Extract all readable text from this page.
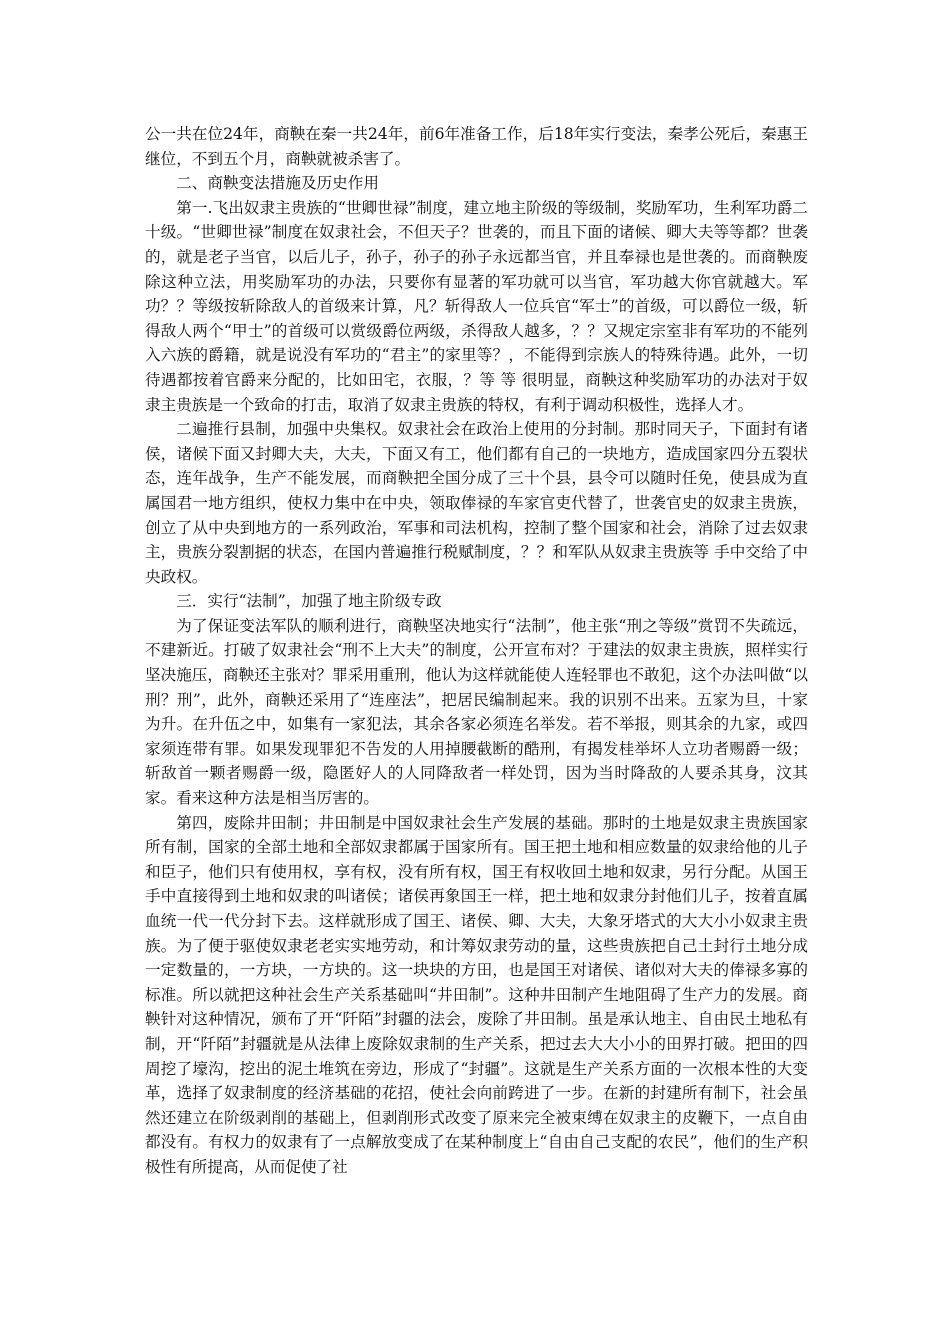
公一共在位24年，商鞅在秦一共24年，前6年准备工作，后18年实行变法，秦孝公死后，秦惠王继位，不到五个月，商鞅就被杀害了。

二、商鞅变法措施及历史作用

第一.飞出奴隶主贵族的“世卿世禄”制度，建立地主阶级的等级制，奖励军功，生利军功爵二十级。“世卿世禄”制度在奴隶社会，不但天子？世袭的，而且下面的诸候、卿大夫等等都？世袭的，就是老子当官，以后儿子，孙子，孙子的孙子永远都当官，并且奉禄也是世袭的。而商鞅废除这种立法，用奖励军功的办法，只要你有显著的军功就可以当官，军功越大你官就越大。军功？？等级按斩除敌人的首级来计算，凡？斩得敌人一位兵官“军士”的首级，可以爵位一级，斩得敌人两个“甲士”的首级可以赏级爵位两级，杀得敌人越多，？？又规定宗室非有军功的不能列入六族的爵籍，就是说没有军功的“君主”的家里等？，不能得到宗族人的特殊待遇。此外，一切待遇都按着官爵来分配的，比如田宅，衣服，？等 等 很明显，商鞅这种奖励军功的办法对于奴隶主贵族是一个致命的打击，取消了奴隶主贵族的特权，有利于调动积极性，选择人才。

二遍推行县制，加强中央集权。奴隶社会在政治上使用的分封制。那时同天子，下面封有诸侯，诸候下面又封卿大夫，大夫，下面又有工，他们都有自己的一块地方，造成国家四分五裂状态，连年战争，生产不能发展，而商鞅把全国分成了三十个县，县令可以随时任免，使县成为直属国君一地方组织，使权力集中在中央，领取俸禄的车家官吏代替了，世袭官史的奴隶主贵族，创立了从中央到地方的一系列政治，军事和司法机构，控制了整个国家和社会，消除了过去奴隶主，贵族分裂割据的状态，在国内普遍推行税赋制度，？？和军队从奴隶主贵族等 手中交给了中央政权。

三．实行“法制”，加强了地主阶级专政

为了保证变法军队的顺利进行，商鞅坚决地实行“法制”，他主张“刑之等级”赏罚不失疏远，不建新近。打破了奴隶社会“刑不上大夫”的制度，公开宣布对？于建法的奴隶主贵族，照样实行坚决施压，商鞅还主张对？罪采用重刑，他认为这样就能使人连轻罪也不敢犯，这个办法叫做“以刑？刑”，此外，商鞅还采用了“连座法”，把居民编制起来。我的识别不出来。五家为旦，十家为升。在升伍之中，如集有一家犯法，其余各家必须连名举发。若不举报，则其余的九家，或四家须连带有罪。如果发现罪犯不告发的人用掉腰截断的酷刑，有揭发桂举坏人立功者赐爵一级；斩敌首一颗者赐爵一级，隐匿好人的人同降敌者一样处罚，因为当时降敌的人要杀其身，汶其家。看来这种方法是相当厉害的。

第四，废除井田制；井田制是中国奴隶社会生产发展的基础。那时的土地是奴隶主贵族国家所有制，国家的全部土地和全部奴隶都属于国家所有。国王把土地和相应数量的奴隶给他的儿子和臣子，他们只有使用权，享有权，没有所有权，国王有权收回土地和奴隶，另行分配。从国王手中直接得到土地和奴隶的叫诸侯；诸侯再象国王一样，把土地和奴隶分封他们儿子，按着直属血统一代一代分封下去。这样就形成了国王、诸侯、卿、大夫，大象牙塔式的大大小小奴隶主贵族。为了便于驱使奴隶老老实实地劳动，和计筹奴隶劳动的量，这些贵族把自己土封行土地分成一定数量的，一方块，一方块的。这一块块的方田，也是国王对诸侯、诸似对大夫的俸禄多寡的标准。所以就把这种社会生产关系基础叫“井田制”。这种井田制产生地阻碍了生产力的发展。商鞅针对这种情况，颁布了开“阡陌”封疆的法会，废除了井田制。虽是承认地主、自由民土地私有制，开“阡陌”封疆就是从法律上废除奴隶制的生产关系，把过去大大小小的田界打破。把田的四周挖了壕沟，挖出的泥土堆筑在旁边，形成了“封疆”。这就是生产关系方面的一次根本性的大变革，选择了奴隶制度的经济基础的花招，使社会向前跨进了一步。在新的封建所有制下，社会虽然还建立在阶级剥削的基础上，但剥削形式改变了原来完全被束缚在奴隶主的皮鞭下，一点自由都没有。有权力的奴隶有了一点解放变成了在某种制度上“自由自己支配的农民”，他们的生产积极性有所提高，从而促使了社
